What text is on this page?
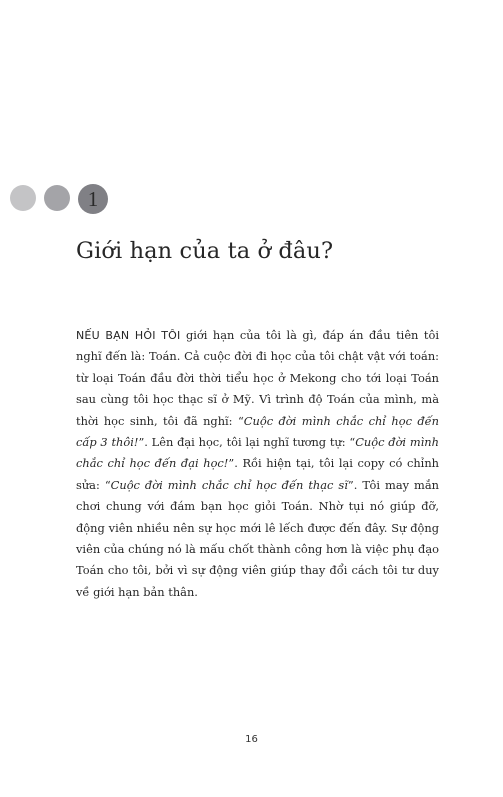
1
Giới hạn của ta ở đâu?

NẾU BẠN HỎI TÔI giới hạn của tôi là gì, đáp án đầu tiên tôi nghĩ đến là: Toán. Cả cuộc đời đi học của tôi chật vật với toán: từ loại Toán đầu đời thời tiểu học ở Mekong cho tới loại Toán sau cùng tôi học thạc sĩ ở Mỹ. Vì trình độ Toán của mình, mà thời học sinh, tôi đã nghĩ: “Cuộc đời mình chắc chỉ học đến cấp 3 thôi!”. Lên đại học, tôi lại nghĩ tương tự: “Cuộc đời mình chắc chỉ học đến đại học!”. Rồi hiện tại, tôi lại copy có chỉnh sửa: “Cuộc đời mình chắc chỉ học đến thạc sĩ”. Tôi may mắn chơi chung với đám bạn học giỏi Toán. Nhờ tụi nó giúp đỡ, động viên nhiều nên sự học mới lê lếch được đến đây. Sự động viên của chúng nó là mấu chốt thành công hơn là việc phụ đạo Toán cho tôi, bởi vì sự động viên giúp thay đổi cách tôi tư duy về giới hạn bản thân.

16
